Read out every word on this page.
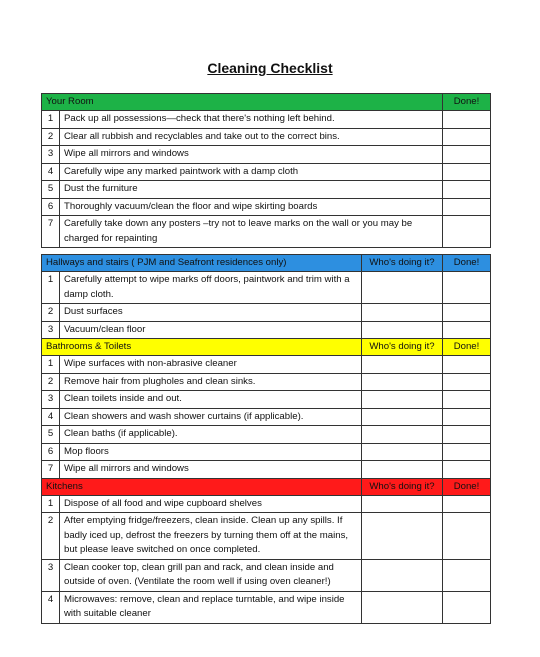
Cleaning Checklist
Your Room		Done!
1	Pack up all possessions—check that there's nothing left behind.	
2	Clear all rubbish and recyclables and take out to the correct bins.	
3	Wipe all mirrors and windows	
4	Carefully wipe any marked paintwork with a damp cloth	
5	Dust the furniture	
6	Thoroughly vacuum/clean the floor and wipe skirting boards	
7	Carefully take down any posters –try not to leave marks on the wall or you may be charged for repainting	
Hallways and stairs ( PJM and Seafront residences only)		Who's doing it?	Done!
1	Carefully attempt to wipe marks off doors, paintwork and trim with a damp cloth.		
2	Dust surfaces		
3	Vacuum/clean floor		
Bathrooms & Toilets		Who's doing it?	Done!
1	Wipe surfaces with non-abrasive cleaner		
2	Remove hair from plugholes and clean sinks.		
3	Clean toilets inside and out.		
4	Clean showers and wash shower curtains (if applicable).		
5	Clean baths (if applicable).		
6	Mop floors		
7	Wipe all mirrors and windows		
Kitchens		Who's doing it?	Done!
1	Dispose of all food and wipe cupboard shelves		
2	After emptying fridge/freezers, clean inside. Clean up any spills. If badly iced up, defrost the freezers by turning them off at the mains, but please leave switched on once completed.		
3	Clean cooker top, clean grill pan and rack, and clean inside and outside of oven. (Ventilate the room well if using oven cleaner!)		
4	Microwaves: remove, clean and replace turntable, and wipe inside with suitable cleaner		
